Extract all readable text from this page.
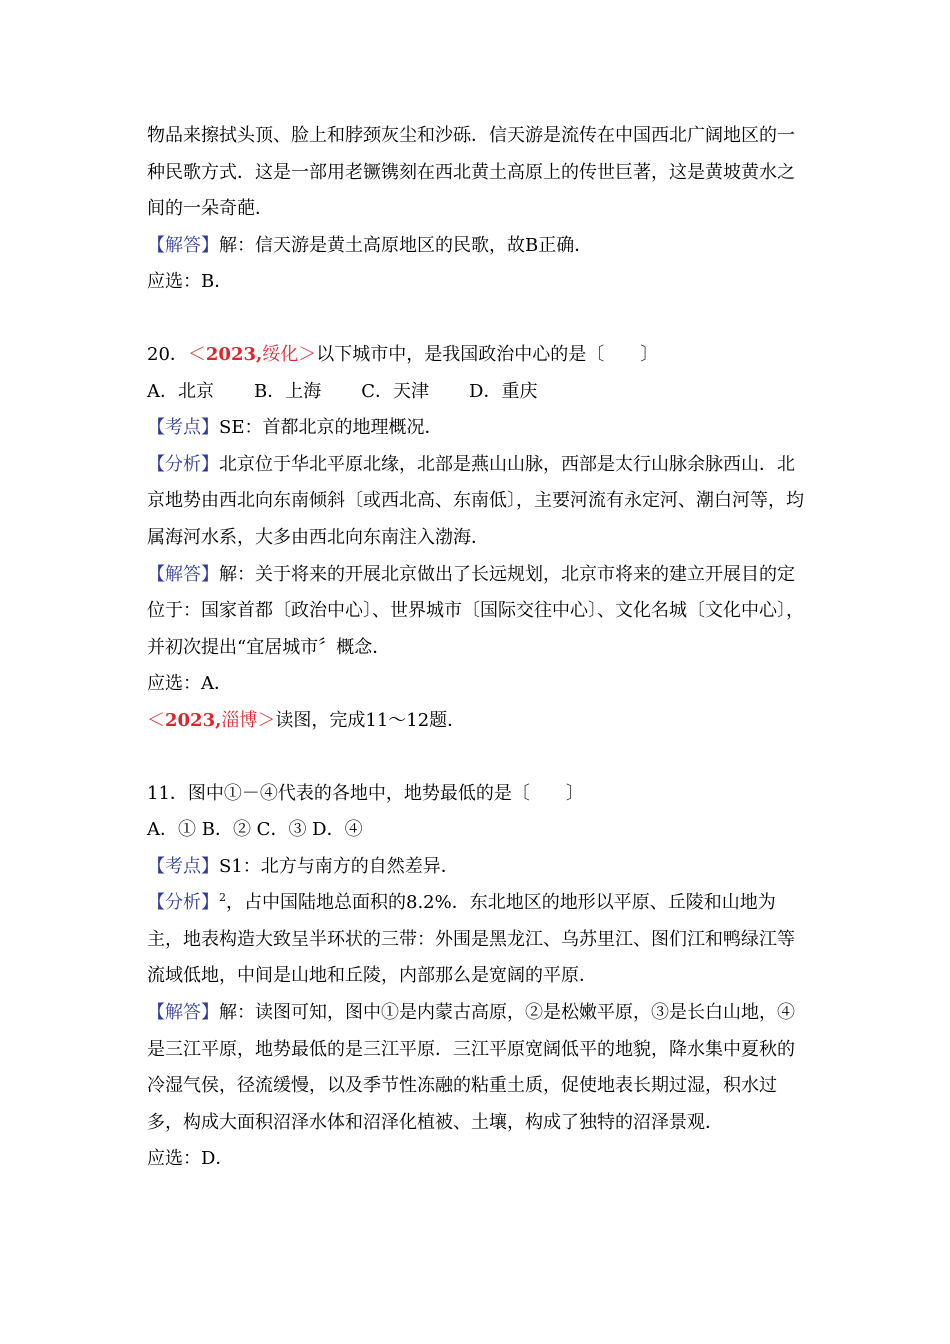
物品来擦拭头顶、脸上和脖颈灰尘和沙砾．信天游是流传在中国西北广阔地区的一种民歌方式．这是一部用老镢镌刻在西北黄土高原上的传世巨著，这是黄坡黄水之间的一朵奇葩．

【解答】解：信天游是黄土高原地区的民歌，故B正确．

应选：B．

20．＜2023,绥化＞以下城市中，是我国政治中心的是〔　　〕

A．北京 B．上海 C．天津 D．重庆

【考点】SE：首都北京的地理概况．

【分析】北京位于华北平原北缘，北部是燕山山脉，西部是太行山脉余脉西山．北京地势由西北向东南倾斜〔或西北高、东南低〕，主要河流有永定河、潮白河等，均属海河水系，大多由西北向东南注入渤海．

【解答】解：关于将来的开展北京做出了长远规划，北京市将来的建立开展目的定位于：国家首都〔政治中心〕、世界城市〔国际交往中心〕、文化名城〔文化中心〕，并初次提出“宜居城市〞概念．

应选：A．

＜2023,淄博＞读图，完成11～12题．

11．图中①－④代表的各地中，地势最低的是〔　　〕

A．① B．② C．③ D．④

【考点】S1：北方与南方的自然差异．

【分析】$^2$，占中国陆地总面积的8.2%．东北地区的地形以平原、丘陵和山地为主，地表构造大致呈半环状的三带：外围是黑龙江、乌苏里江、图们江和鸭绿江等流域低地，中间是山地和丘陵，内部那么是宽阔的平原．

【解答】解：读图可知，图中①是内蒙古高原，②是松嫩平原，③是长白山地，④是三江平原，地势最低的是三江平原．三江平原宽阔低平的地貌，降水集中夏秋的冷湿气侯，径流缓慢，以及季节性冻融的粘重土质，促使地表长期过湿，积水过多，构成大面积沼泽水体和沼泽化植被、土壤，构成了独特的沼泽景观．

应选：D．
